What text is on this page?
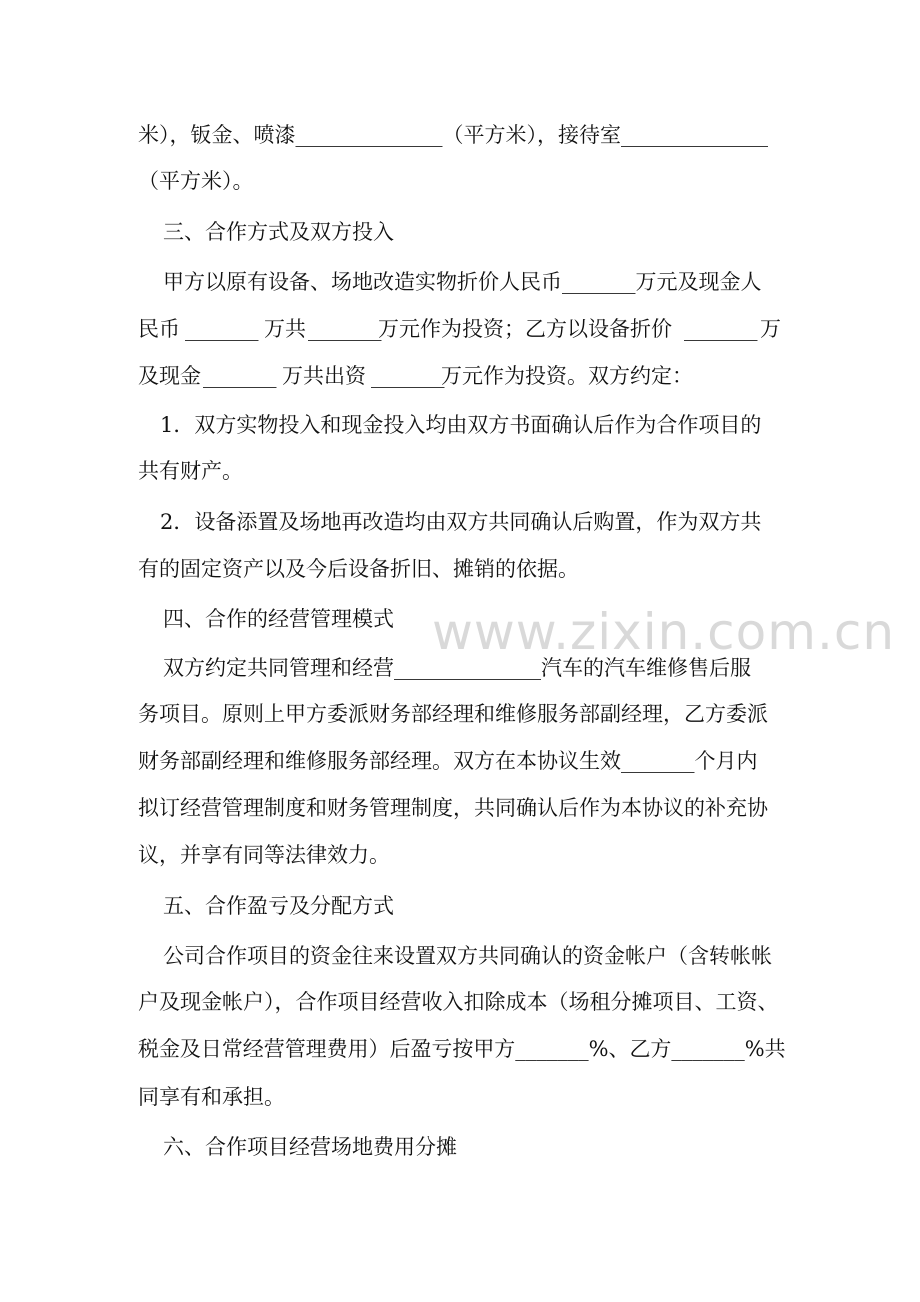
www.zixin.com.cn
米），钣金、喷漆______________（平方米），接待室______________
（平方米）。
三、合作方式及双方投入
甲方以原有设备、场地改造实物折价人民币_______万元及现金人
民币 _______ 万共 _______
万元作为投资；乙方以设备折价 _______ 万
及现金 _______ 万共出资 _______
万元作为投资。双方约定：
1．双方实物投入和现金投入均由双方书面确认后作为合作项目的
共有财产。
2．设备添置及场地再改造均由双方共同确认后购置，作为双方共
有的固定资产以及今后设备折旧、摊销的依据。
四、合作的经营管理模式
双方约定共同管理和经营______________汽车的汽车维修售后服
务项目。原则上甲方委派财务部经理和维修服务部副经理，乙方委派
财务部副经理和维修服务部经理。双方在本协议生效_______个月内
拟订经营管理制度和财务管理制度，共同确认后作为本协议的补充协
议，并享有同等法律效力。
五、合作盈亏及分配方式
公司合作项目的资金往来设置双方共同确认的资金帐户（含转帐帐
户及现金帐户），合作项目经营收入扣除成本（场租分摊项目、工资、
税金及日常经营管理费用）后盈亏按甲方_______%、乙方_______%共
同享有和承担。
六、合作项目经营场地费用分摊
